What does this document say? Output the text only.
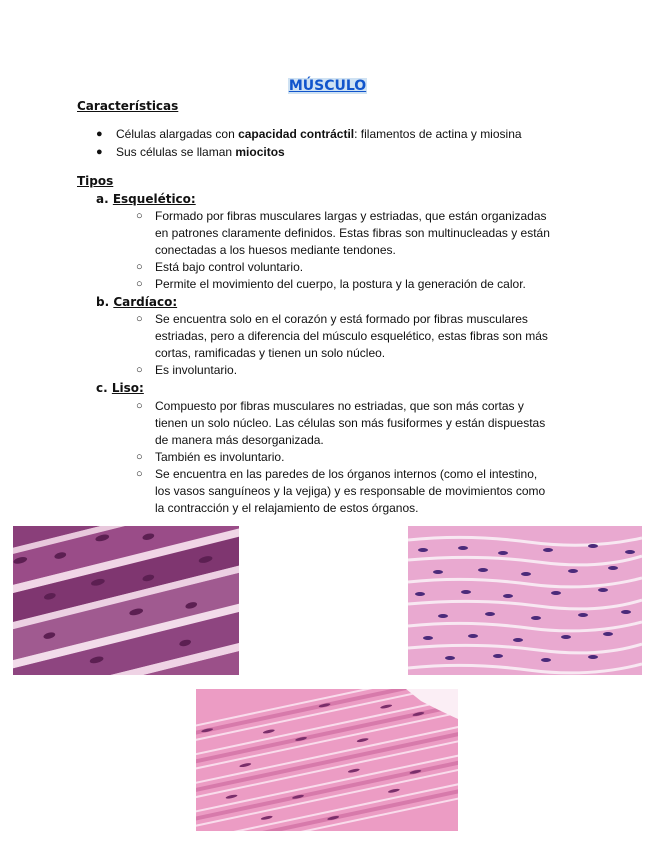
MÚSCULO
Características
● Células alargadas con capacidad contráctil: filamentos de actina y miosina
● Sus células se llaman miocitos
Tipos
a. Esquelético:
○ Formado por fibras musculares largas y estriadas, que están organizadas
en patrones claramente definidos. Estas fibras son multinucleadas y están
conectadas a los huesos mediante tendones.
○ Está bajo control voluntario.
○ Permite el movimiento del cuerpo, la postura y la generación de calor.
b. Cardíaco:
○ Se encuentra solo en el corazón y está formado por fibras musculares
estriadas, pero a diferencia del músculo esquelético, estas fibras son más
cortas, ramificadas y tienen un solo núcleo.
○ Es involuntario.
c. Liso:
○ Compuesto por fibras musculares no estriadas, que son más cortas y
tienen un solo núcleo. Las células son más fusiformes y están dispuestas
de manera más desorganizada.
○ También es involuntario.
○ Se encuentra en las paredes de los órganos internos (como el intestino,
los vasos sanguíneos y la vejiga) y es responsable de movimientos como
la contracción y el relajamiento de estos órganos.
